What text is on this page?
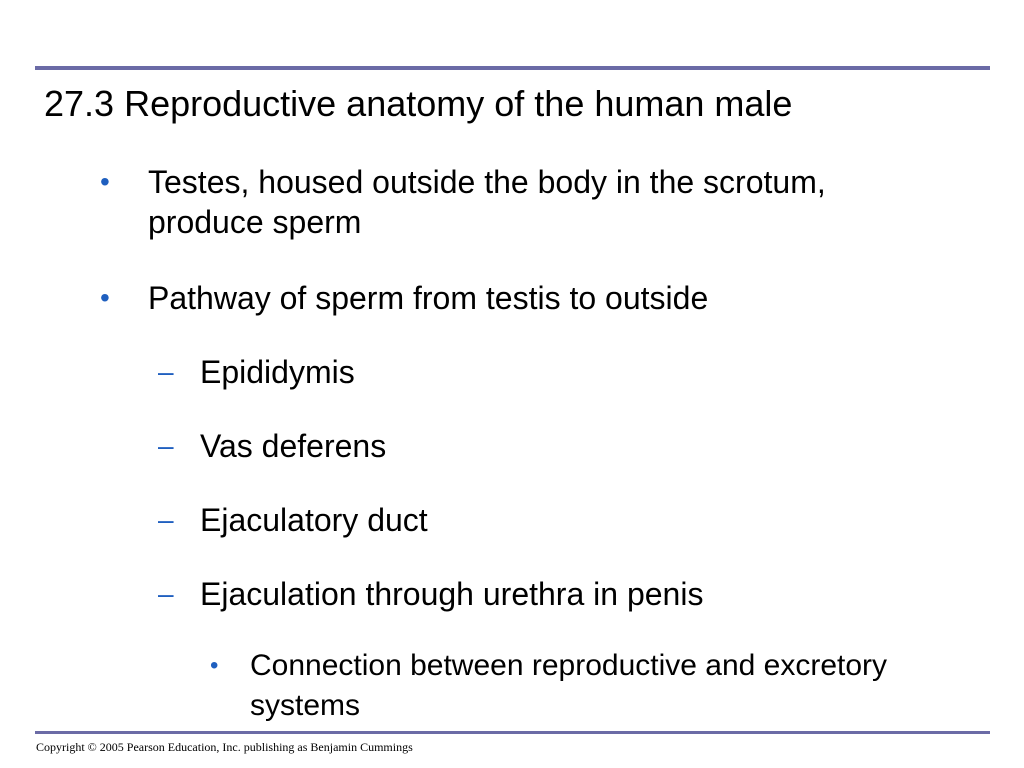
27.3 Reproductive anatomy of the human male
• Testes, housed outside the body in the scrotum, produce sperm
• Pathway of sperm from testis to outside
– Epididymis
– Vas deferens
– Ejaculatory duct
– Ejaculation through urethra in penis
• Connection between reproductive and excretory systems
Copyright © 2005 Pearson Education, Inc. publishing as Benjamin Cummings
